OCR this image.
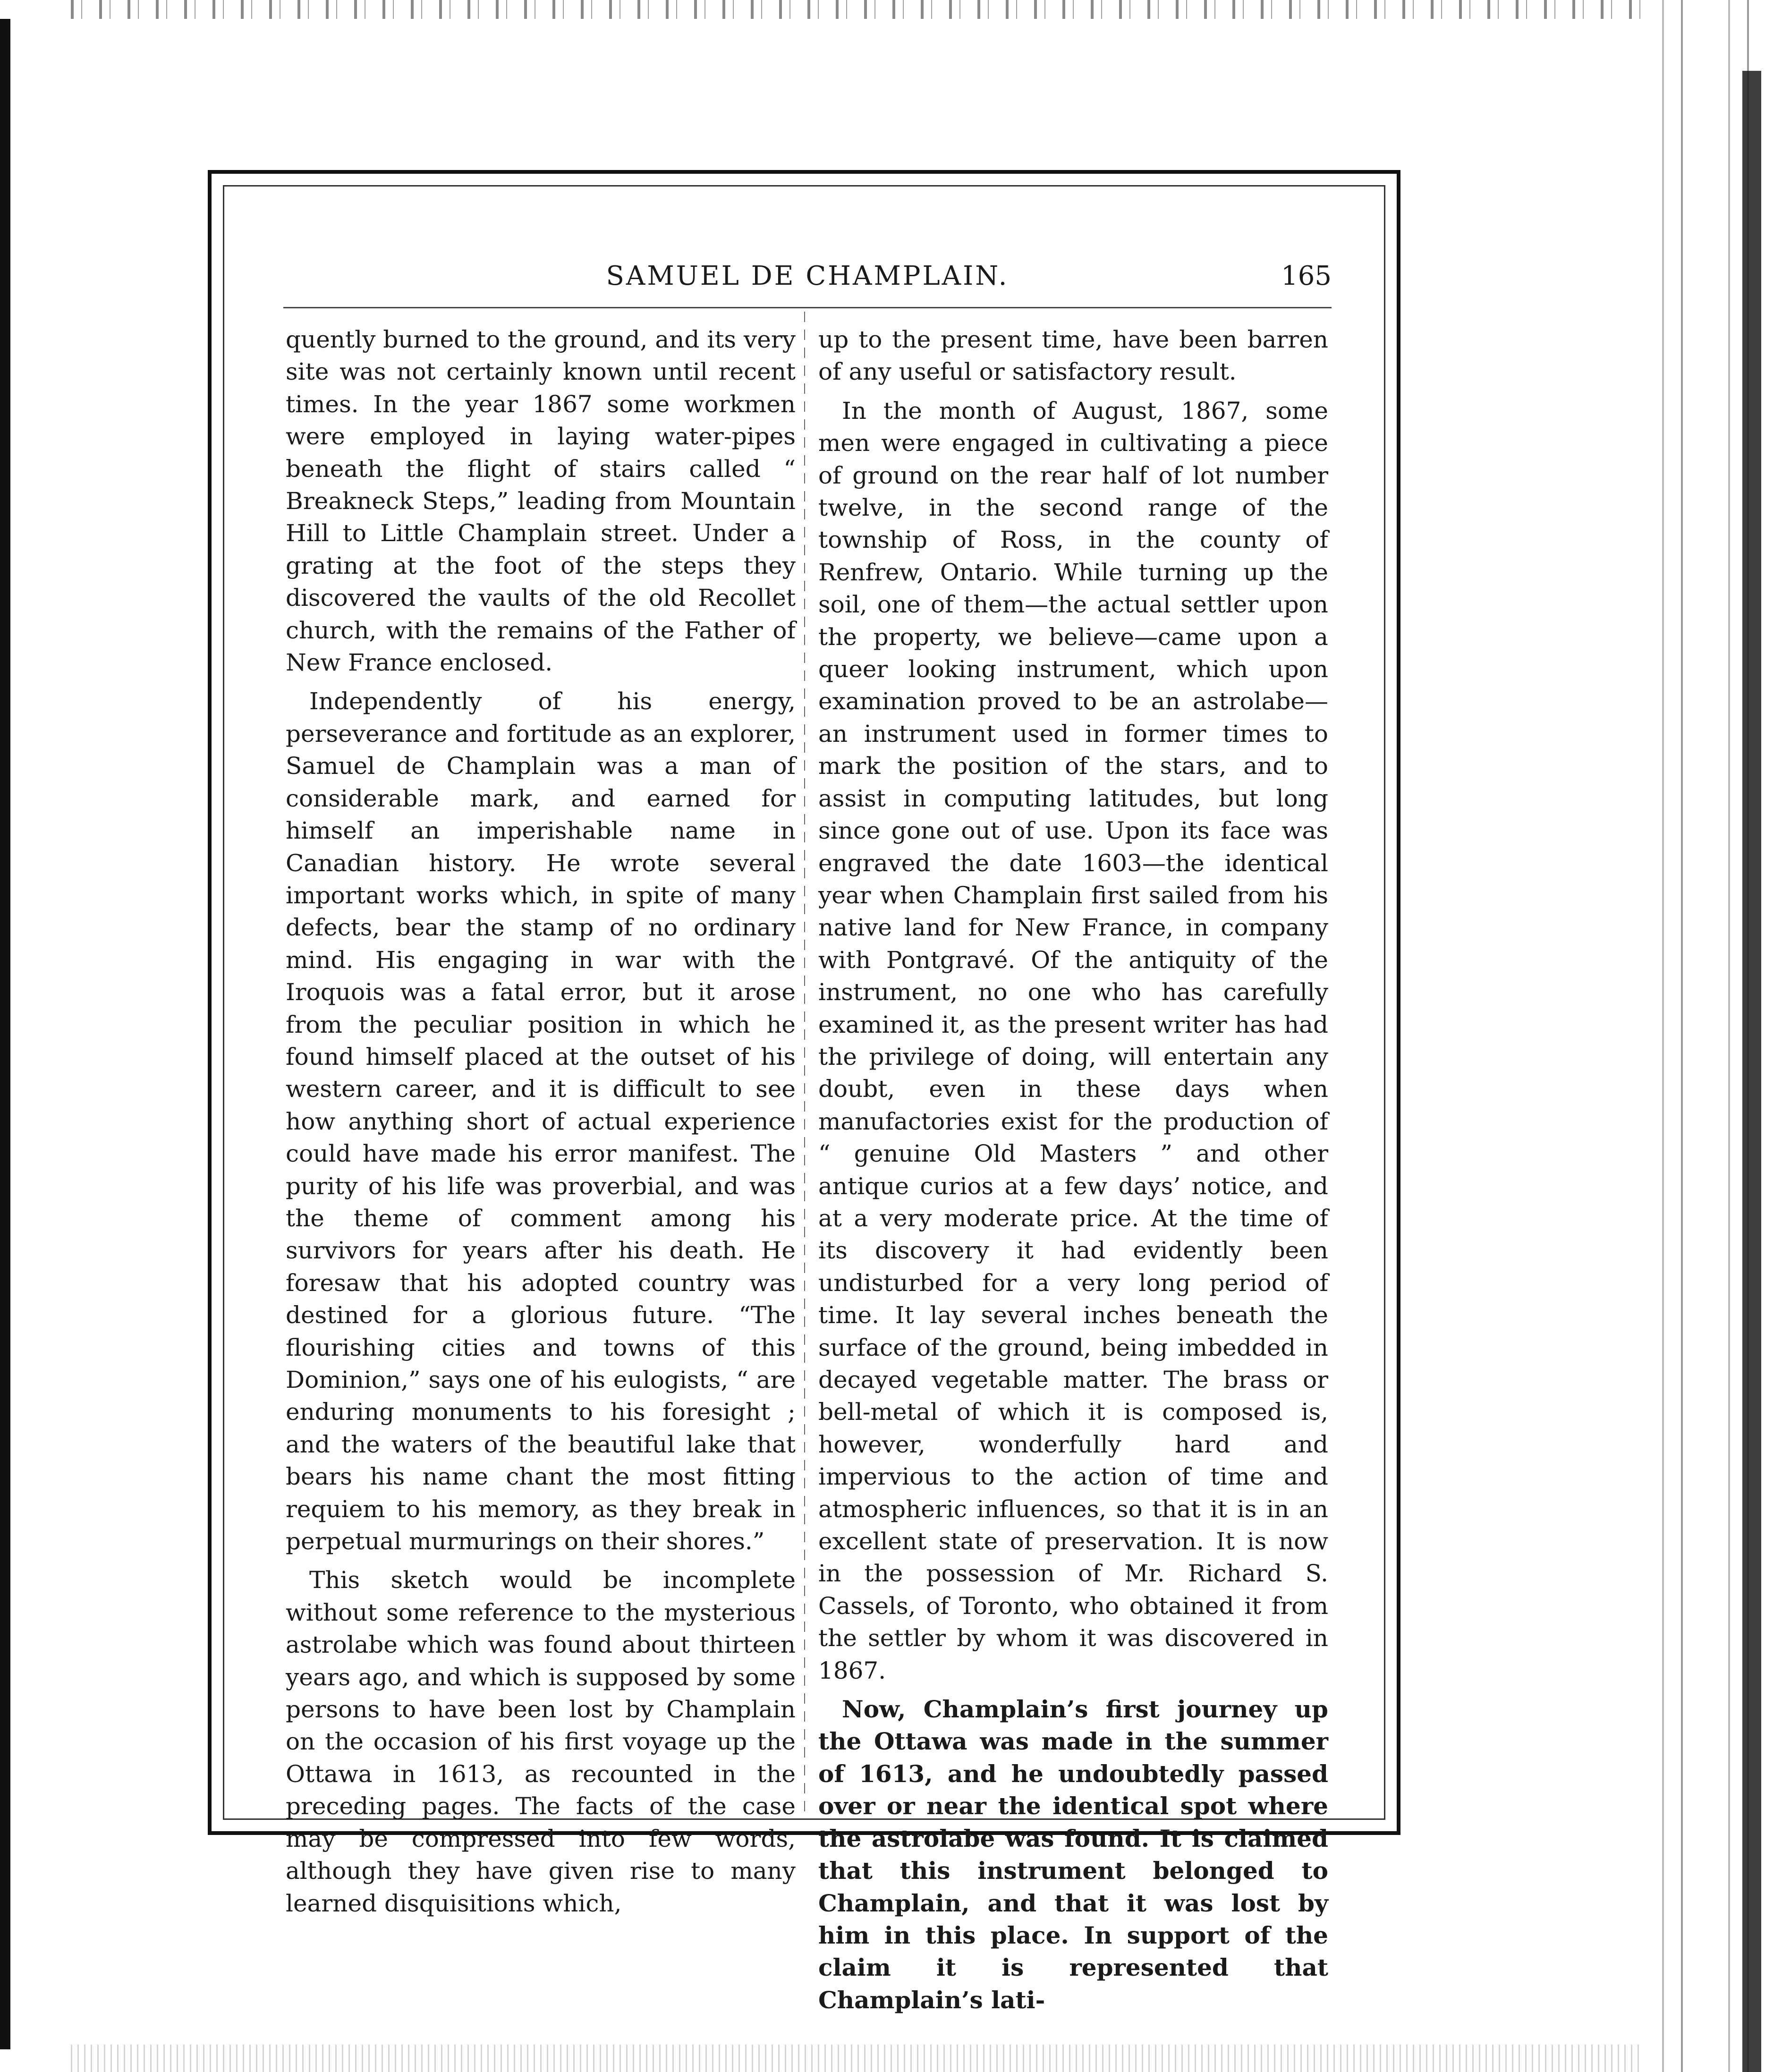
SAMUEL DE CHAMPLAIN.	165

quently burned to the ground, and its very site was not certainly known until recent times. In the year 1867 some workmen were employed in laying water-pipes beneath the flight of stairs called “ Breakneck Steps,” leading from Mountain Hill to Little Champlain street. Under a grating at the foot of the steps they discovered the vaults of the old Recollet church, with the remains of the Father of New France enclosed.

Independently of his energy, perseverance and fortitude as an explorer, Samuel de Champlain was a man of considerable mark, and earned for himself an imperishable name in Canadian history. He wrote several important works which, in spite of many defects, bear the stamp of no ordinary mind. His engaging in war with the Iroquois was a fatal error, but it arose from the peculiar position in which he found himself placed at the outset of his western career, and it is difficult to see how anything short of actual experience could have made his error manifest. The purity of his life was proverbial, and was the theme of comment among his survivors for years after his death. He foresaw that his adopted country was destined for a glorious future. “The flourishing cities and towns of this Dominion,” says one of his eulogists, “ are enduring monuments to his foresight ; and the waters of the beautiful lake that bears his name chant the most fitting requiem to his memory, as they break in perpetual murmurings on their shores.”

This sketch would be incomplete without some reference to the mysterious astrolabe which was found about thirteen years ago, and which is supposed by some persons to have been lost by Champlain on the occasion of his first voyage up the Ottawa in 1613, as recounted in the preceding pages. The facts of the case may be compressed into few words, although they have given rise to many learned disquisitions which,

up to the present time, have been barren of any useful or satisfactory result.

In the month of August, 1867, some men were engaged in cultivating a piece of ground on the rear half of lot number twelve, in the second range of the township of Ross, in the county of Renfrew, Ontario. While turning up the soil, one of them—the actual settler upon the property, we believe—came upon a queer looking instrument, which upon examination proved to be an astrolabe—an instrument used in former times to mark the position of the stars, and to assist in computing latitudes, but long since gone out of use. Upon its face was engraved the date 1603—the identical year when Champlain first sailed from his native land for New France, in company with Pontgravé. Of the antiquity of the instrument, no one who has carefully examined it, as the present writer has had the privilege of doing, will entertain any doubt, even in these days when manufactories exist for the production of “ genuine Old Masters ” and other antique curios at a few days’ notice, and at a very moderate price. At the time of its discovery it had evidently been undisturbed for a very long period of time. It lay several inches beneath the surface of the ground, being imbedded in decayed vegetable matter. The brass or bell-metal of which it is composed is, however, wonderfully hard and impervious to the action of time and atmospheric influences, so that it is in an excellent state of preservation. It is now in the possession of Mr. Richard S. Cassels, of Toronto, who obtained it from the settler by whom it was discovered in 1867.

Now, Champlain’s first journey up the Ottawa was made in the summer of 1613, and he undoubtedly passed over or near the identical spot where the astrolabe was found. It is claimed that this instrument belonged to Champlain, and that it was lost by him in this place. In support of the claim it is represented that Champlain’s lati-
